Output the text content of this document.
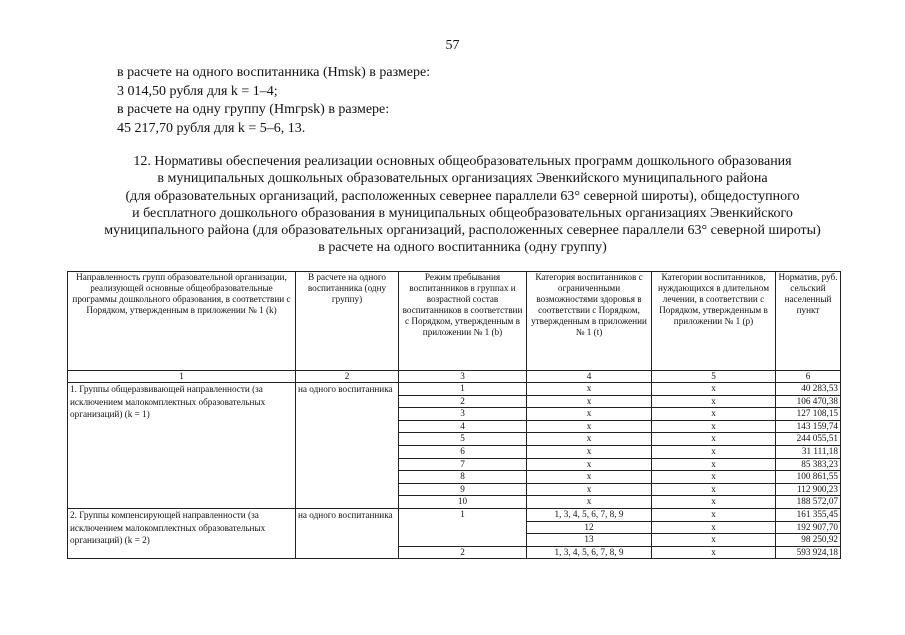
57
в расчете на одного воспитанника (Нmsk) в размере:
3 014,50 рубля для k = 1–4;
в расчете на одну группу (Нmгpsk) в размере:
45 217,70 рубля для k = 5–6, 13.
12. Нормативы обеспечения реализации основных общеобразовательных программ дошкольного образования
в муниципальных дошкольных образовательных организациях Эвенкийского муниципального района
(для образовательных организаций, расположенных севернее параллели 63° северной широты), общедоступного
и бесплатного дошкольного образования в муниципальных общеобразовательных организациях Эвенкийского
муниципального района (для образовательных организаций, расположенных севернее параллели 63° северной широты)
в расчете на одного воспитанника (одну группу)
Направленность групп образовательной организации, реализующей основные общеобразовательные программы дошкольного образования, в соответствии с Порядком, утвержденным в приложении № 1 (k)	В расчете на одного воспитанника (одну группу)	Режим пребывания воспитанников в группах и возрастной состав воспитанников в соответствии с Порядком, утвержденным в приложении № 1 (b)	Категория воспитанников с ограниченными возможностями здоровья в соответствии с Порядком, утвержденным в приложении № 1 (t)	Категории воспитанников, нуждающихся в длительном лечении, в соответствии с Порядком, утвержденным в приложении № 1 (p)	Норматив, руб. сельский населенный пункт
1	2	3	4	5	6
1. Группы общеразвивающей направленности (за исключением малокомплектных образовательных организаций) (k = 1)	на одного воспитанника	1	x	x	40 283,53
		2	x	x	106 470,38
		3	x	x	127 108,15
		4	x	x	143 159,74
		5	x	x	244 055,51
		6	x	x	31 111,18
		7	x	x	85 383,23
		8	x	x	100 861,55
		9	x	x	112 900,23
		10	x	x	188 572,07
2. Группы компенсирующей направленности (за исключением малокомплектных образовательных организаций) (k = 2)	на одного воспитанника	1	1, 3, 4, 5, 6, 7, 8, 9	x	161 355,45
			12	x	192 907,70
			13	x	98 250,92
		2	1, 3, 4, 5, 6, 7, 8, 9	x	593 924,18
